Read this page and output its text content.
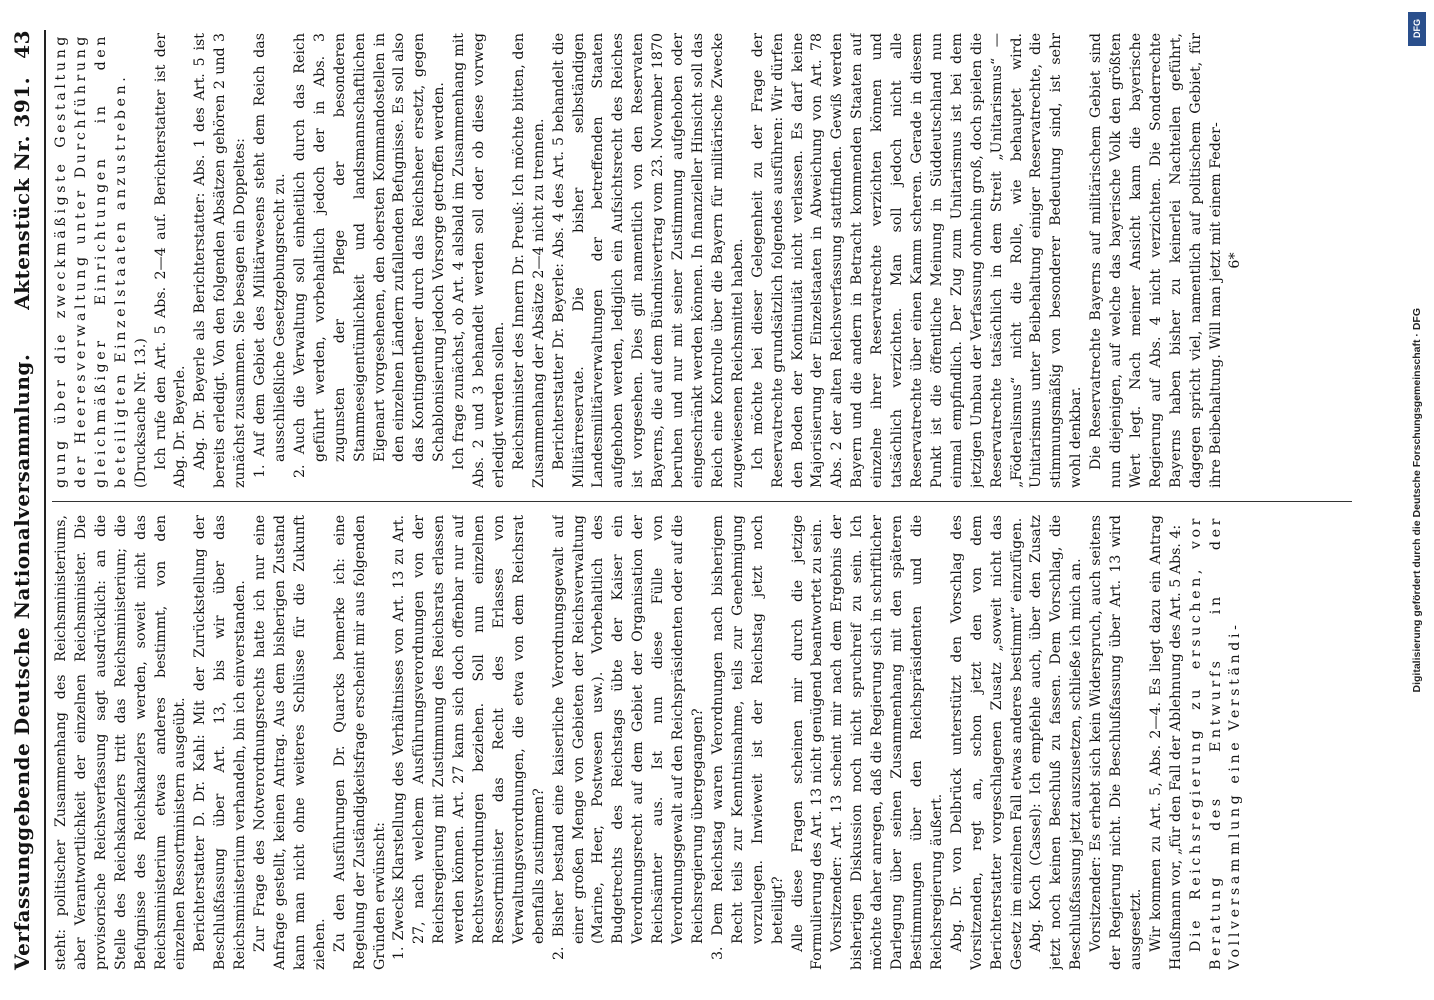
Verfassunggebende Deutsche Nationalversammlung.
Aktenstück Nr. 391.
43

steht: politischer Zusammenhang des Reichsministeriums, aber Verantwortlichkeit der einzelnen Reichsminister. Die provisorische Reichsverfassung sagt ausdrücklich: an die Stelle des Reichskanzlers tritt das Reichsministerium; die Befugnisse des Reichskanzlers werden, soweit nicht das Reichsministerium etwas anderes bestimmt, von den einzelnen Ressortministern ausgeübt. Berichterstatter D. Dr. Kahl: Mit der Zurückstellung der Beschlußfassung über Art. 13, bis wir über das Reichsministerium verhandeln, bin ich einverstanden. Zur Frage des Notverordnungsrechts hatte ich nur eine Anfrage gestellt, keinen Antrag. Aus dem bisherigen Zustand kann man nicht ohne weiteres Schlüsse für die Zukunft ziehen. Zu den Ausführungen Dr. Quarcks bemerke ich: eine Regelung der Zuständigkeitsfrage erscheint mir aus folgenden Gründen erwünscht: 1. Zwecks Klarstellung des Verhältnisses von Art. 13 zu Art. 27, nach welchem Ausführungsverordnungen von der Reichsregierung mit Zustimmung des Reichsrats erlassen werden können. Art. 27 kann sich doch offenbar nur auf Rechtsverordnungen beziehen. Soll nun einzelnen Ressortminister das Recht des Erlasses von Verwaltungsverordnungen, die etwa von dem Reichsrat ebenfalls zustimmen? 2. Bisher bestand eine kaiserliche Verordnungsgewalt auf einer großen Menge von Gebieten der Reichsverwaltung (Marine, Heer, Postwesen usw.). Vorbehaltlich des Budgetrechts des Reichstags übte der Kaiser ein Verordnungsrecht auf dem Gebiet der Organisation der Reichsämter aus. Ist nun diese Fülle von Verordnungsgewalt auf den Reichspräsidenten oder auf die Reichsregierung übergegangen? 3. Dem Reichstag waren Verordnungen nach bisherigem Recht teils zur Kenntnisnahme, teils zur Genehmigung vorzulegen. Inwieweit ist der Reichstag jetzt noch beteiligt? Alle diese Fragen scheinen mir durch die jetzige Formulierung des Art. 13 nicht genügend beantwortet zu sein. Vorsitzender: Art. 13 scheint mir nach dem Ergebnis der bisherigen Diskussion noch nicht spruchreif zu sein. Ich möchte daher anregen, daß die Regierung sich in schriftlicher Darlegung über seinen Zusammenhang mit den späteren Bestimmungen über den Reichspräsidenten und die Reichsregierung äußert. Abg. Dr. von Delbrück unterstützt den Vorschlag des Vorsitzenden, regt an, schon jetzt den von dem Berichterstatter vorgeschlagenen Zusatz „soweit nicht das Gesetz im einzelnen Fall etwas anderes bestimmt“ einzufügen. Abg. Koch (Cassel): Ich empfehle auch, über den Zusatz jetzt noch keinen Beschluß zu fassen. Dem Vorschlag, die Beschlußfassung jetzt auszusetzen, schließe ich mich an. Vorsitzender: Es erhebt sich kein Widerspruch, auch seitens der Regierung nicht. Die Beschlußfassung über Art. 13 wird ausgesetzt. Wir kommen zu Art. 5, Abs. 2—4. Es liegt dazu ein Antrag Haußmann vor, „für den Fall der Ablehnung des Art. 5 Abs. 4: Die Reichsregierung zu ersuchen, vor Beratung des Entwurfs in der Vollversammlung eine Verständi-

gung über die zweckmäßigste Gestaltung der Heeresverwaltung unter Durchführung gleichmäßiger Einrichtungen in den beteiligten Einzelstaaten anzustreben. (Drucksache Nr. 13.) Ich rufe den Art. 5 Abs. 2—4 auf. Berichterstatter ist der Abg. Dr. Beyerle. Abg. Dr. Beyerle als Berichterstatter: Abs. 1 des Art. 5 ist bereits erledigt. Von den folgenden Absätzen gehören 2 und 3 zunächst zusammen. Sie besagen ein Doppeltes: 1. Auf dem Gebiet des Militärwesens steht dem Reich das ausschließliche Gesetzgebungsrecht zu. 2. Auch die Verwaltung soll einheitlich durch das Reich geführt werden, vorbehaltlich jedoch der in Abs. 3 zugunsten der Pflege der besonderen Stammeseigentümlichkeit und landsmannschaftlichen Eigenart vorgesehenen, den obersten Kommandostellen in den einzelnen Ländern zufallenden Befugnisse. Es soll also das Kontingentheer durch das Reichsheer ersetzt, gegen Schablonisierung jedoch Vorsorge getroffen werden. Ich frage zunächst, ob Art. 4 alsbald im Zusammenhang mit Abs. 2 und 3 behandelt werden soll oder ob diese vorweg erledigt werden sollen. Reichsminister des Innern Dr. Preuß: Ich möchte bitten, den Zusammenhang der Absätze 2—4 nicht zu trennen. Berichterstatter Dr. Beyerle: Abs. 4 des Art. 5 behandelt die Militärreservate. Die bisher selbständigen Landesmilitärverwaltungen der betreffenden Staaten aufgehoben werden, lediglich ein Aufsichtsrecht des Reiches ist vorgesehen. Dies gilt namentlich von den Reservaten Bayerns, die auf dem Bündnisvertrag vom 23. November 1870 beruhen und nur mit seiner Zustimmung aufgehoben oder eingeschränkt werden können. In finanzieller Hinsicht soll das Reich eine Kontrolle über die Bayern für militärische Zwecke zugewiesenen Reichsmittel haben. Ich möchte bei dieser Gelegenheit zu der Frage der Reservatrechte grundsätzlich folgendes ausführen: Wir dürfen den Boden der Kontinuität nicht verlassen. Es darf keine Majorisierung der Einzelstaaten in Abweichung von Art. 78 Abs. 2 der alten Reichsverfassung stattfinden. Gewiß werden Bayern und die andern in Betracht kommenden Staaten auf einzelne ihrer Reservatrechte verzichten können und tatsächlich verzichten. Man soll jedoch nicht alle Reservatrechte über einen Kamm scheren. Gerade in diesem Punkt ist die öffentliche Meinung in Süddeutschland nun einmal empfindlich. Der Zug zum Unitarismus ist bei dem jetzigen Umbau der Verfassung ohnehin groß, doch spielen die Reservatrechte tatsächlich in dem Streit „Unitarismus“ — „Föderalismus“ nicht die Rolle, wie behauptet wird. Unitarismus unter Beibehaltung einiger Reservatrechte, die stimmungsmäßig von besonderer Bedeutung sind, ist sehr wohl denkbar. Die Reservatrechte Bayerns auf militärischem Gebiet sind nun diejenigen, auf welche das bayerische Volk den größten Wert legt. Nach meiner Ansicht kann die bayerische Regierung auf Abs. 4 nicht verzichten. Die Sonderrechte Bayerns haben bisher zu keinerlei Nachteilen geführt, dagegen spricht viel, namentlich auf politischem Gebiet, für ihre Beibehaltung. Will man jetzt mit einem Feder- 6*

DFG
Digitalisierung gefördert durch die Deutsche Forschungsgemeinschaft · DFG
